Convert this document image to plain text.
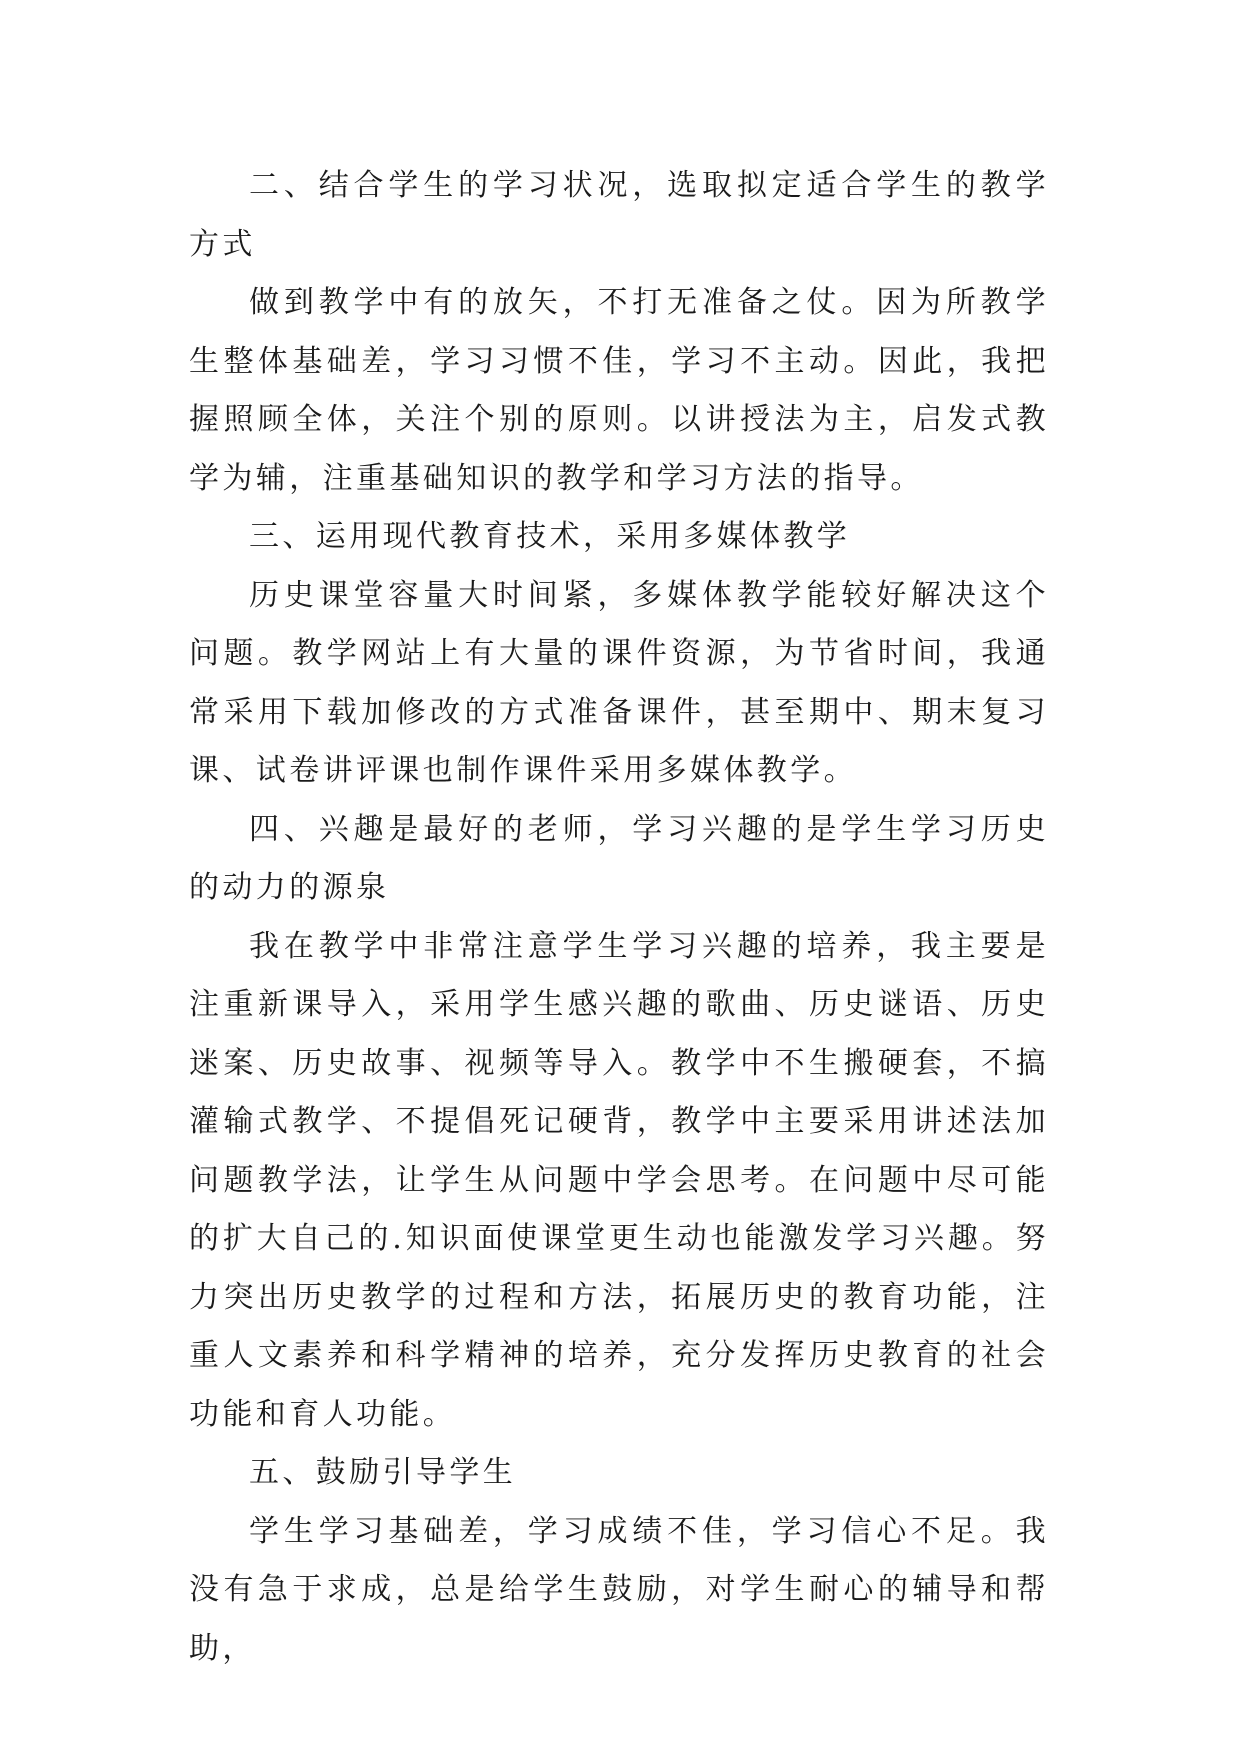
二、结合学生的学习状况，选取拟定适合学生的教学方式

做到教学中有的放矢，不打无准备之仗。因为所教学生整体基础差，学习习惯不佳，学习不主动。因此，我把握照顾全体，关注个别的原则。以讲授法为主，启发式教学为辅，注重基础知识的教学和学习方法的指导。

三、运用现代教育技术，采用多媒体教学

历史课堂容量大时间紧，多媒体教学能较好解决这个问题。教学网站上有大量的课件资源，为节省时间，我通常采用下载加修改的方式准备课件，甚至期中、期末复习课、试卷讲评课也制作课件采用多媒体教学。

四、兴趣是最好的老师，学习兴趣的是学生学习历史的动力的源泉

我在教学中非常注意学生学习兴趣的培养，我主要是注重新课导入，采用学生感兴趣的歌曲、历史谜语、历史迷案、历史故事、视频等导入。教学中不生搬硬套，不搞灌输式教学、不提倡死记硬背，教学中主要采用讲述法加问题教学法，让学生从问题中学会思考。在问题中尽可能的扩大自己的.知识面使课堂更生动也能激发学习兴趣。努力突出历史教学的过程和方法，拓展历史的教育功能，注重人文素养和科学精神的培养，充分发挥历史教育的社会功能和育人功能。

五、鼓励引导学生

学生学习基础差，学习成绩不佳，学习信心不足。我没有急于求成，总是给学生鼓励，对学生耐心的辅导和帮助，
